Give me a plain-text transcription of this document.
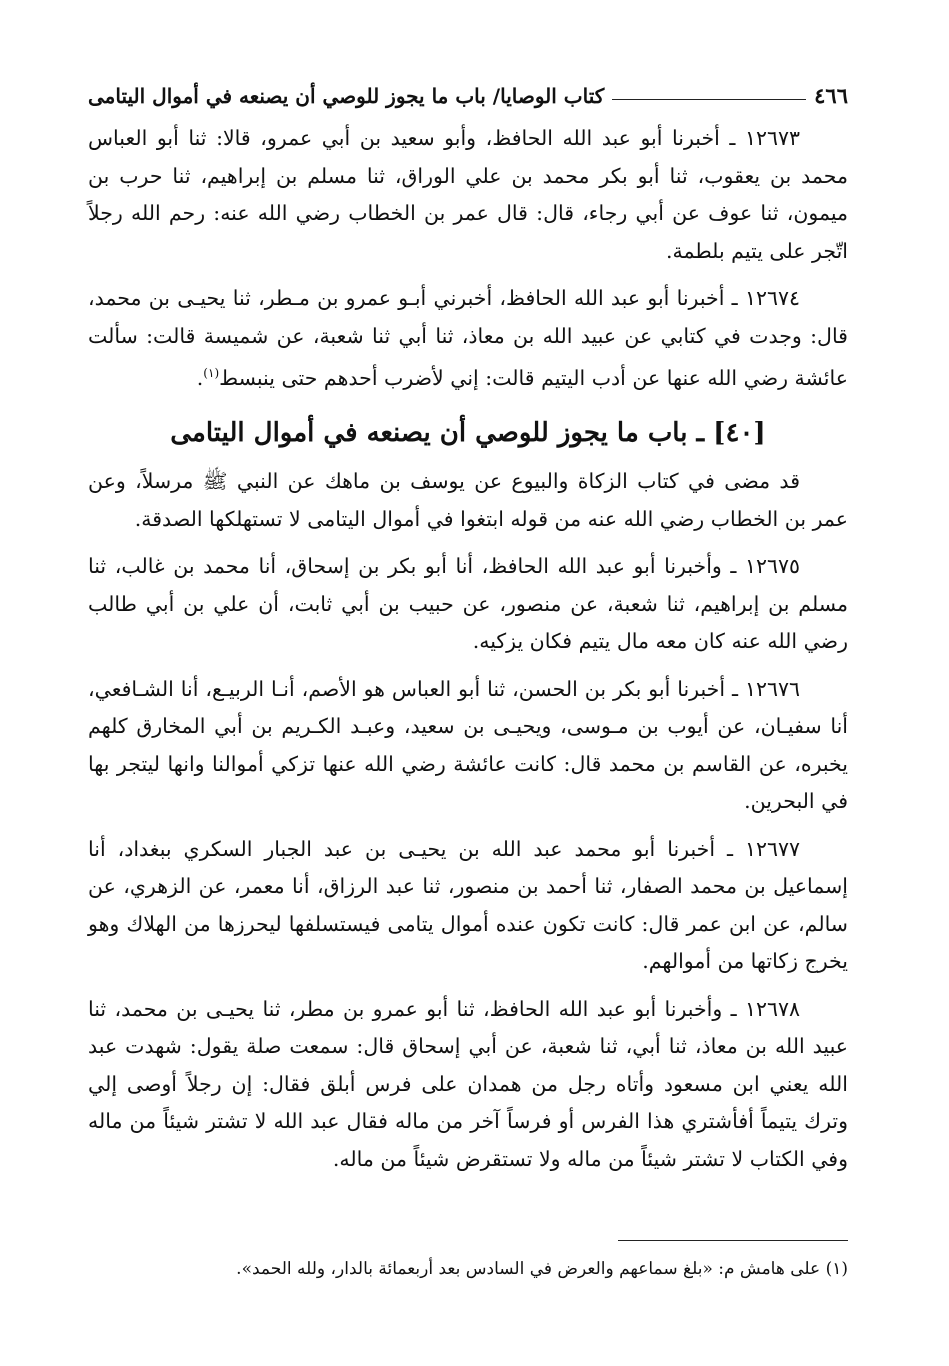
٤٦٦
كتاب الوصايا/ باب ما يجوز للوصي أن يصنعه في أموال اليتامى

١٢٦٧٣ ـ أخبرنا أبو عبد الله الحافظ، وأبو سعيد بن أبي عمرو، قالا: ثنا أبو العباس محمد بن يعقوب، ثنا أبو بكر محمد بن علي الوراق، ثنا مسلم بن إبراهيم، ثنا حرب بن ميمون، ثنا عوف عن أبي رجاء، قال: قال عمر بن الخطاب رضي الله عنه: رحم الله رجلاً اتّجر على يتيم بلطمة.

١٢٦٧٤ ـ أخبرنا أبو عبد الله الحافظ، أخبرني أبـو عمرو بن مـطر، ثنا يحيـى بن محمد، قال: وجدت في كتابي عن عبيد الله بن معاذ، ثنا أبي ثنا شعبة، عن شميسة قالت: سألت عائشة رضي الله عنها عن أدب اليتيم قالت: إني لأضرب أحدهم حتى ينبسط$^{(١)}$.

[٤٠] ـ باب ما يجوز للوصي أن يصنعه في أموال اليتامى

قد مضى في كتاب الزكاة والبيوع عن يوسف بن ماهك عن النبي ﷺ مرسلاً، وعن عمر بن الخطاب رضي الله عنه من قوله ابتغوا في أموال اليتامى لا تستهلكها الصدقة.

١٢٦٧٥ ـ وأخبرنا أبو عبد الله الحافظ، أنا أبو بكر بن إسحاق، أنا محمد بن غالب، ثنا مسلم بن إبراهيم، ثنا شعبة، عن منصور، عن حبيب بن أبي ثابت، أن علي بن أبي طالب رضي الله عنه كان معه مال يتيم فكان يزكيه.

١٢٦٧٦ ـ أخبرنا أبو بكر بن الحسن، ثنا أبو العباس هو الأصم، أنـا الربيـع، أنا الشـافعي، أنا سفيـان، عن أيوب بن مـوسى، ويحيـى بن سعيد، وعبـد الكـريم بن أبي المخارق كلهم يخبره، عن القاسم بن محمد قال: كانت عائشة رضي الله عنها تزكي أموالنا وانها ليتجر بها في البحرين.

١٢٦٧٧ ـ أخبرنا أبو محمد عبد الله بن يحيـى بن عبد الجبار السكري ببغداد، أنا إسماعيل بن محمد الصفار، ثنا أحمد بن منصور، ثنا عبد الرزاق، أنا معمر، عن الزهري، عن سالم، عن ابن عمر قال: كانت تكون عنده أموال يتامى فيستسلفها ليحرزها من الهلاك وهو يخرج زكاتها من أموالهم.

١٢٦٧٨ ـ وأخبرنا أبو عبد الله الحافظ، ثنا أبو عمرو بن مطر، ثنا يحيـى بن محمد، ثنا عبيد الله بن معاذ، ثنا أبي، ثنا شعبة، عن أبي إسحاق قال: سمعت صلة يقول: شهدت عبد الله يعني ابن مسعود وأتاه رجل من همدان على فرس أبلق فقال: إن رجلاً أوصى إلي وترك يتيماً أفأشتري هذا الفرس أو فرساً آخر من ماله فقال عبد الله لا تشتر شيئاً من ماله وفي الكتاب لا تشتر شيئاً من ماله ولا تستقرض شيئاً من ماله.

(١) على هامش م: «بلغ سماعهم والعرض في السادس بعد أربعمائة بالدار، ولله الحمد».
